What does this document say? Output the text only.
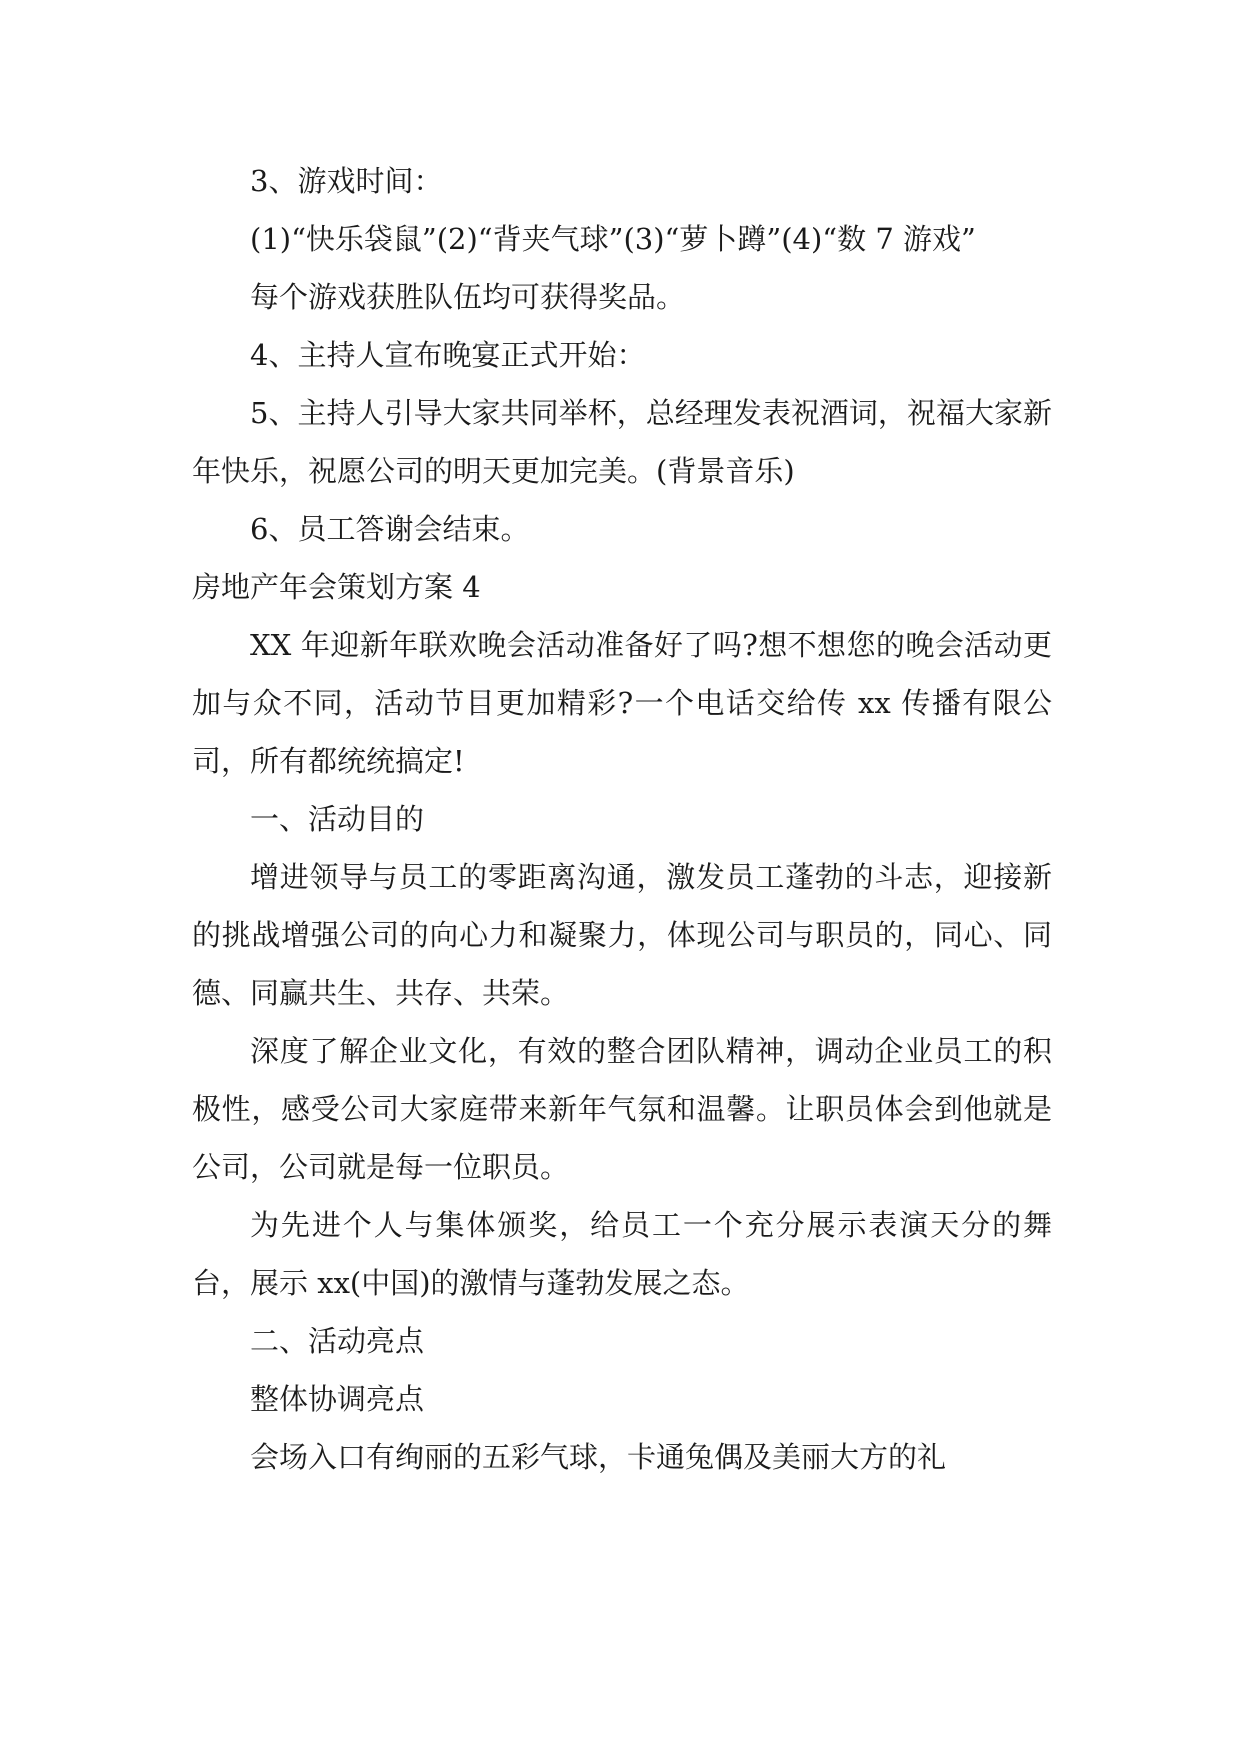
3、游戏时间：

(1)“快乐袋鼠”(2)“背夹气球”(3)“萝卜蹲”(4)“数 7 游戏”

每个游戏获胜队伍均可获得奖品。

4、主持人宣布晚宴正式开始：

5、主持人引导大家共同举杯，总经理发表祝酒词，祝福大家新年快乐，祝愿公司的明天更加完美。(背景音乐)

6、员工答谢会结束。

房地产年会策划方案 4

XX 年迎新年联欢晚会活动准备好了吗?想不想您的晚会活动更加与众不同，活动节目更加精彩?一个电话交给传 xx 传播有限公司，所有都统统搞定!

一、活动目的

增进领导与员工的零距离沟通，激发员工蓬勃的斗志，迎接新的挑战增强公司的向心力和凝聚力，体现公司与职员的，同心、同德、同赢共生、共存、共荣。

深度了解企业文化，有效的整合团队精神，调动企业员工的积极性，感受公司大家庭带来新年气氛和温馨。让职员体会到他就是公司，公司就是每一位职员。

为先进个人与集体颁奖，给员工一个充分展示表演天分的舞台，展示 xx(中国)的激情与蓬勃发展之态。

二、活动亮点

整体协调亮点

会场入口有绚丽的五彩气球，卡通兔偶及美丽大方的礼
